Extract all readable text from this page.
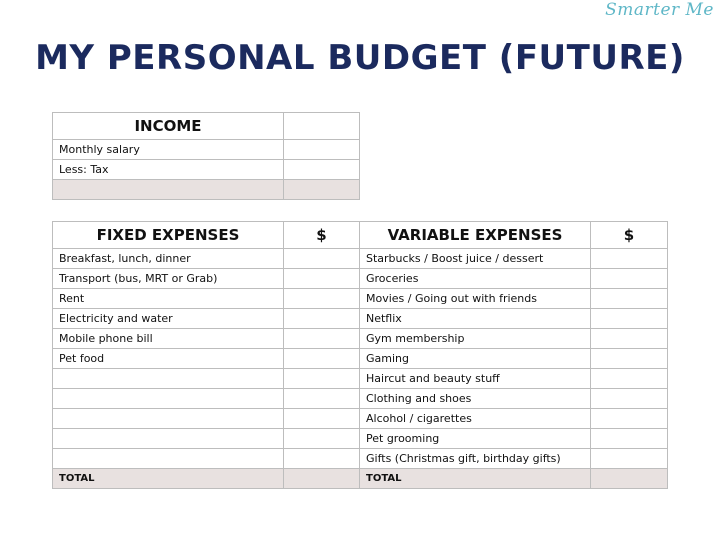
Smarter Me
MY PERSONAL BUDGET (FUTURE)
INCOME	
Monthly salary	
Less: Tax	

FIXED EXPENSES	$	VARIABLE EXPENSES	$
Breakfast, lunch, dinner		Starbucks / Boost juice / dessert	
Transport (bus, MRT or Grab)		Groceries	
Rent		Movies / Going out with friends	
Electricity and water		Netflix	
Mobile phone bill		Gym membership	
Pet food		Gaming	
		Haircut and beauty stuff	
		Clothing and shoes	
		Alcohol / cigarettes	
		Pet grooming	
		Gifts (Christmas gift, birthday gifts)	
TOTAL		TOTAL	
